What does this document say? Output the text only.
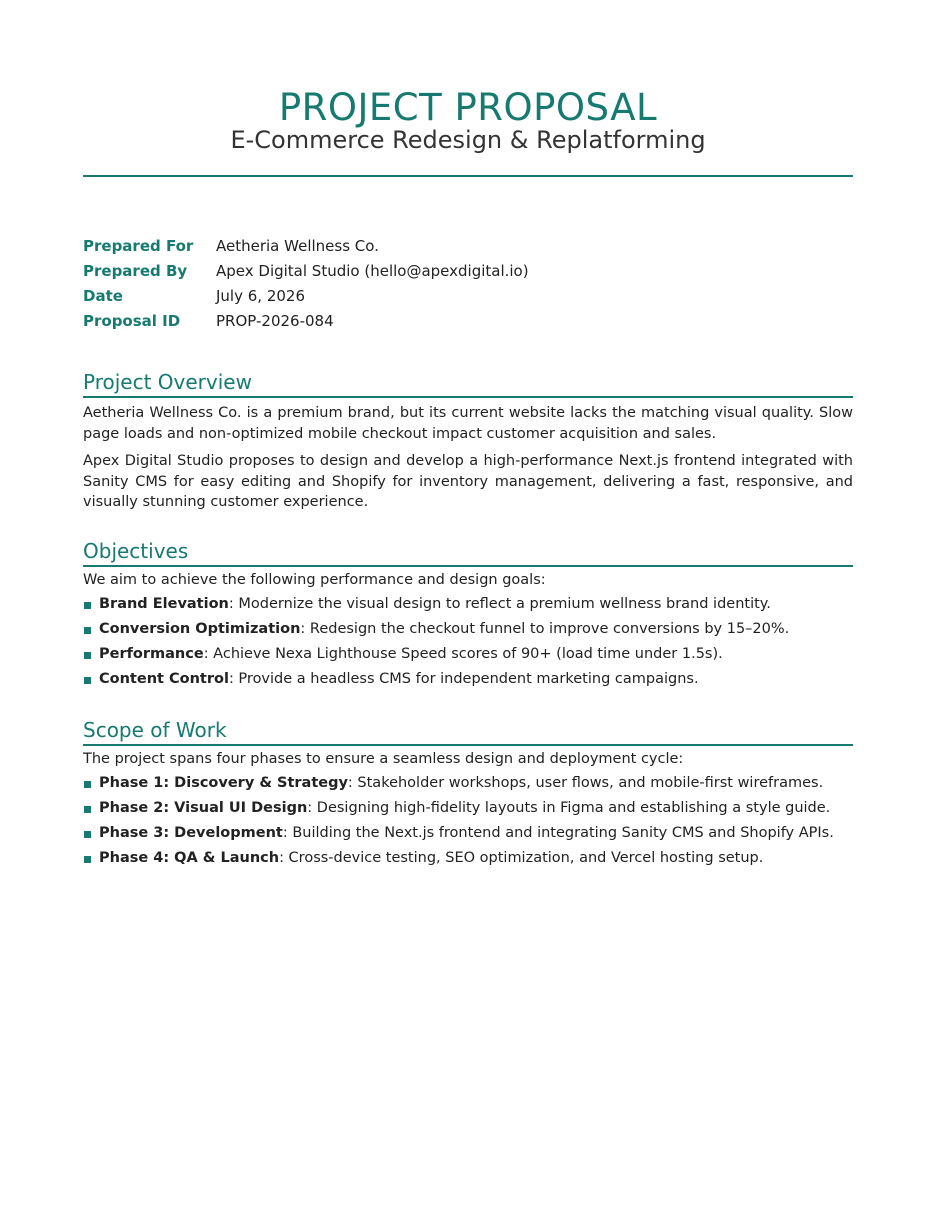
PROJECT PROPOSAL
E-Commerce Redesign & Replatforming
Prepared For	Aetheria Wellness Co.
Prepared By	Apex Digital Studio (hello@apexdigital.io)
Date	July 6, 2026
Proposal ID	PROP-2026-084
Project Overview
Aetheria Wellness Co. is a premium brand, but its current website lacks the matching visual quality. Slow page loads and non-optimized mobile checkout impact customer acquisition and sales.
Apex Digital Studio proposes to design and develop a high-performance Next.js frontend integrated with Sanity CMS for easy editing and Shopify for inventory management, delivering a fast, responsive, and visually stunning customer experience.
Objectives
We aim to achieve the following performance and design goals:
Brand Elevation: Modernize the visual design to reflect a premium wellness brand identity.
Conversion Optimization: Redesign the checkout funnel to improve conversions by 15–20%.
Performance: Achieve Nexa Lighthouse Speed scores of 90+ (load time under 1.5s).
Content Control: Provide a headless CMS for independent marketing campaigns.
Scope of Work
The project spans four phases to ensure a seamless design and deployment cycle:
Phase 1: Discovery & Strategy: Stakeholder workshops, user flows, and mobile-first wireframes.
Phase 2: Visual UI Design: Designing high-fidelity layouts in Figma and establishing a style guide.
Phase 3: Development: Building the Next.js frontend and integrating Sanity CMS and Shopify APIs.
Phase 4: QA & Launch: Cross-device testing, SEO optimization, and Vercel hosting setup.
